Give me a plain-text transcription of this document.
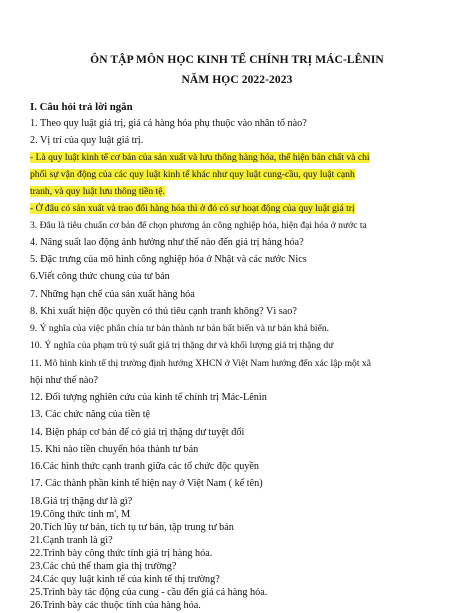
ÔN TẬP MÔN HỌC KINH TẾ CHÍNH TRỊ MÁC-LÊNIN
NĂM HỌC 2022-2023
I. Câu hỏi trả lời ngắn
1. Theo quy luật giá trị, giá cả hàng hóa phụ thuộc vào nhân tố nào?
2. Vị trí của quy luật giá trị.
- Là quy luật kinh tế cơ bản của sản xuất và lưu thông hàng hóa, thể hiện bản chất và chi
phối sự vận động của các quy luật kinh tế khác như quy luật cung-cầu, quy luật cạnh
tranh, và quy luật lưu thông tiền tệ.
- Ở đâu có sản xuất và trao đổi hàng hóa thì ở đó có sự hoạt động của quy luật giá trị
3. Đâu là tiêu chuẩn cơ bản để chọn phương án công nghiệp hóa, hiện đại hóa ở nước ta
4. Nâng suất lao động ảnh hưởng như thế nào đến giá trị hàng hóa?
5. Đặc trưng của mô hình công nghiệp hóa ở Nhật và các nước Nics
6.Viết công thức chung của tư bản
7. Những hạn chế của sản xuất hàng hóa
8. Khi xuất hiện độc quyền có thủ tiêu cạnh tranh không? Vì sao?
9. Ý nghĩa của việc phân chia tư bản thành tư bản bất biến và tư bản khả biến.
10. Ý nghĩa của phạm trù tỷ suất giá trị thặng dư và khối lượng giá trị thặng dư
11. Mô hình kinh tế thị trường định hướng XHCN ở Việt Nam hướng đến xác lập một xã
hội như thế nào?
12. Đối tượng nghiên cứu của kinh tế chính trị Mác-Lênin
13. Các chức năng của tiền tệ
14. Biện pháp cơ bản để có giá trị thặng dư tuyệt đối
15. Khi nào tiền chuyển hóa thành tư bản
16.Các hình thức cạnh tranh giữa các tổ chức độc quyền
17. Các thành phần kinh tế hiện nay ở Việt Nam ( kể tên)
18.Giá trị thặng dư là gì?
19.Công thức tính m', M
20.Tích lũy tư bản, tích tụ tư bản, tập trung tư bản
21.Cạnh tranh là gì?
22.Trình bày công thức tính giá trị hàng hóa.
23.Các chủ thể tham gia thị trường?
24.Các quy luật kinh tế của kinh tế thị trường?
25.Trình bày tác động của cung - cầu đến giá cả hàng hóa.
26.Trình bày các thuộc tính của hàng hóa.
